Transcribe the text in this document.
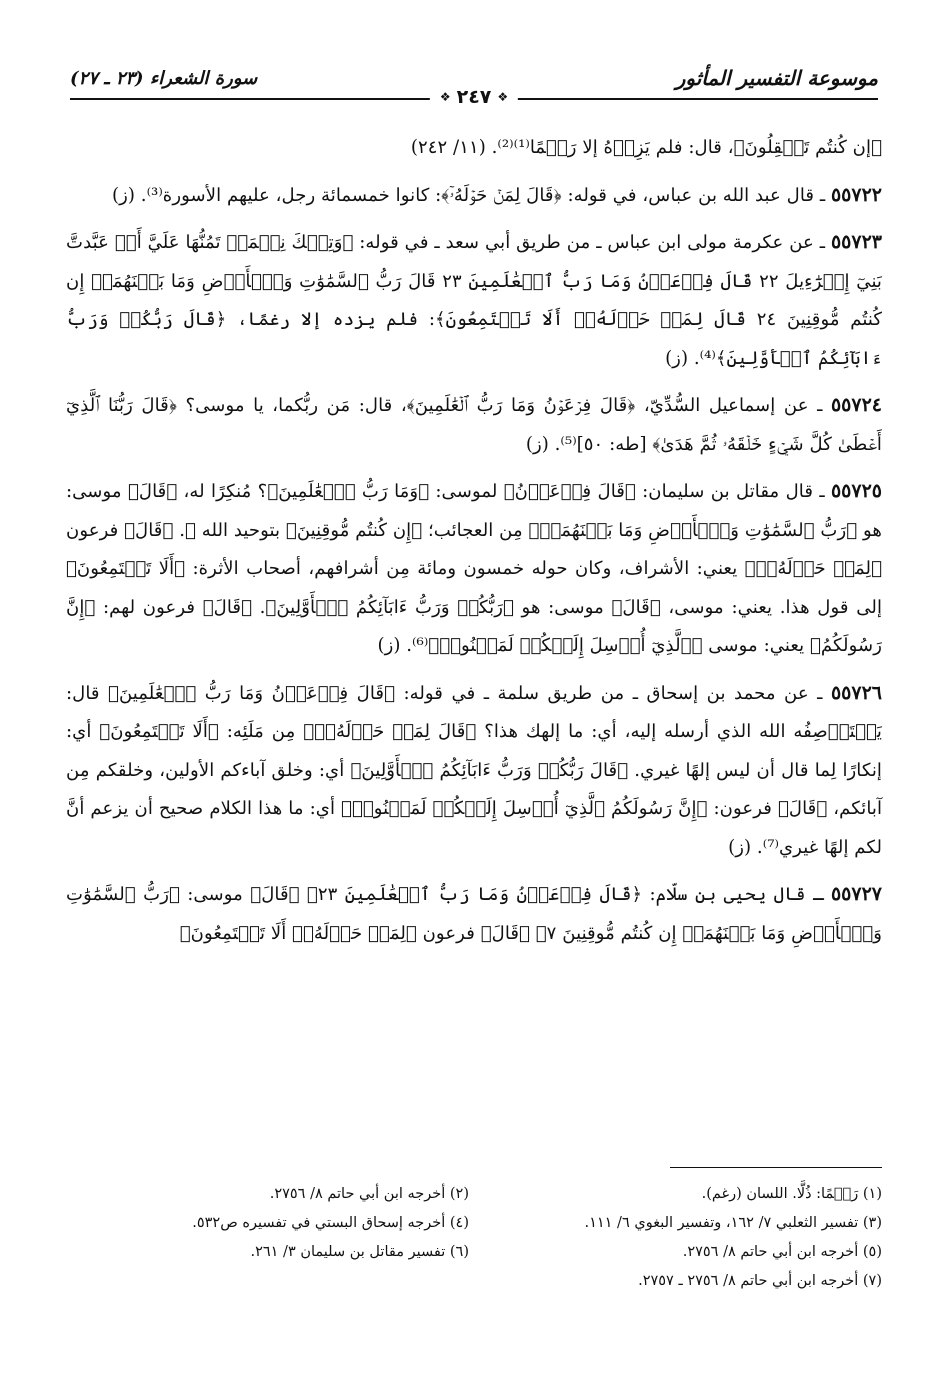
موسوعة التفسير المأثور
سورة الشعراء (٢٣ ـ ٢٧)
❖
٢٤٧
❖

﴿إن كُنتُم تَعۡقِلُونَ﴾، قال: فلم يَزِدۡهُ إلا رَغۡمًا⁽¹⁾⁽²⁾. (١١/ ٢٤٢)

٥٥٧٢٢ ـ قال عبد الله بن عباس، في قوله: ﴿قَالَ لِمَنۡ حَوۡلَهُۥٓ﴾: كانوا خمسمائة رجل، عليهم الأسورة⁽³⁾. (ز)

٥٥٧٢٣ ـ عن عكرمة مولى ابن عباس ـ من طريق أبي سعد ـ في قوله: ﴿وَتِلۡكَ نِعۡمَةٞ تَمُنُّهَا عَلَيَّ أَنۡ عَبَّدتَّ بَنِيٓ إِسۡرَٰٓءِيلَ ٢٢ قَالَ فِرۡعَوۡنُ وَمَا رَبُّ ٱلۡعَٰلَمِينَ ٢٣ قَالَ رَبُّ ٱلسَّمَٰوَٰتِ وَٱلۡأَرۡضِ وَمَا بَيۡنَهُمَآۖ إِن كُنتُم مُّوقِنِينَ ٢٤ قَالَ لِمَنۡ حَوۡلَهُۥٓ أَلَا تَسۡتَمِعُونَ﴾: فلم يزده إلا رغمًا، ﴿قَالَ رَبُّكُمۡ وَرَبُّ ءَابَآئِكُمُ ٱلۡأَوَّلِينَ﴾⁽⁴⁾. (ز)

٥٥٧٢٤ ـ عن إسماعيل السُّدِّيّ، ﴿قَالَ فِرۡعَوۡنُ وَمَا رَبُّ ٱلۡعَٰلَمِينَ﴾، قال: مَن ربُّكما، يا موسى؟ ﴿قَالَ رَبُّنَا ٱلَّذِيٓ أَعۡطَىٰ كُلَّ شَيۡءٍ خَلۡقَهُۥ ثُمَّ هَدَىٰ﴾ [طه: ٥٠]⁽⁵⁾. (ز)

٥٥٧٢٥ ـ قال مقاتل بن سليمان: ﴿قَالَ فِرۡعَوۡنُ﴾ لموسى: ﴿وَمَا رَبُّ ٱلۡعَٰلَمِينَ﴾؟ مُنكِرًا له، ﴿قَالَ﴾ موسى: هو ﴿رَبُّ ٱلسَّمَٰوَٰتِ وَٱلۡأَرۡضِ وَمَا بَيۡنَهُمَآۖ﴾ مِن العجائب؛ ﴿إِن كُنتُم مُّوقِنِينَ﴾ بتوحيد الله ﷻ. ﴿قَالَ﴾ فرعون ﴿لِمَنۡ حَوۡلَهُۥٓ﴾ يعني: الأشراف، وكان حوله خمسون ومائة مِن أشرافهم، أصحاب الأثرة: ﴿أَلَا تَسۡتَمِعُونَ﴾ إلى قول هذا. يعني: موسى، ﴿قَالَ﴾ موسى: هو ﴿رَبُّكُمۡ وَرَبُّ ءَابَآئِكُمُ ٱلۡأَوَّلِينَ﴾. ﴿قَالَ﴾ فرعون لهم: ﴿إِنَّ رَسُولَكُمُ﴾ يعني: موسى ﴿ٱلَّذِيٓ أُرۡسِلَ إِلَيۡكُمۡ لَمَجۡنُونٞ﴾⁽⁶⁾. (ز)

٥٥٧٢٦ ـ عن محمد بن إسحاق ـ من طريق سلمة ـ في قوله: ﴿قَالَ فِرۡعَوۡنُ وَمَا رَبُّ ٱلۡعَٰلَمِينَ﴾ قال: يَسۡتَوۡصِفُه الله الذي أرسله إليه، أي: ما إلهك هذا؟ ﴿قَالَ لِمَنۡ حَوۡلَهُۥٓ﴾ مِن مَلَئِه: ﴿أَلَا تَسۡتَمِعُونَ﴾ أي: إنكارًا لِما قال أن ليس إلهًا غيري. ﴿قَالَ رَبُّكُمۡ وَرَبُّ ءَابَآئِكُمُ ٱلۡأَوَّلِينَ﴾ أي: وخلق آباءكم الأولين، وخلقكم مِن آبائكم، ﴿قَالَ﴾ فرعون: ﴿إِنَّ رَسُولَكُمُ ٱلَّذِيٓ أُرۡسِلَ إِلَيۡكُمۡ لَمَجۡنُونٞ﴾ أي: ما هذا الكلام صحيح أن يزعم أنَّ لكم إلهًا غيري⁽⁷⁾. (ز)

٥٥٧٢٧ ـ قال يحيى بن سلّام: ﴿قَالَ فِرۡعَوۡنُ وَمَا رَبُّ ٱلۡعَٰلَمِينَ ٢٣﴾ ﴿قَالَ﴾ موسى: ﴿رَبُّ ٱلسَّمَٰوَٰتِ وَٱلۡأَرۡضِ وَمَا بَيۡنَهُمَآۖ إِن كُنتُم مُّوقِنِينَ ٧﴾ ﴿قَالَ﴾ فرعون ﴿لِمَنۡ حَوۡلَهُۥٓ أَلَا تَسۡتَمِعُونَ﴾

(١) رَغۡمًا: ذُلًّا. اللسان (رغم).
(٢) أخرجه ابن أبي حاتم ٨/ ٢٧٥٦.
(٣) تفسير الثعلبي ٧/ ١٦٢، وتفسير البغوي ٦/ ١١١.
(٤) أخرجه إسحاق البستي في تفسيره ص٥٣٢.
(٥) أخرجه ابن أبي حاتم ٨/ ٢٧٥٦.
(٦) تفسير مقاتل بن سليمان ٣/ ٢٦١.
(٧) أخرجه ابن أبي حاتم ٨/ ٢٧٥٦ ـ ٢٧٥٧.
